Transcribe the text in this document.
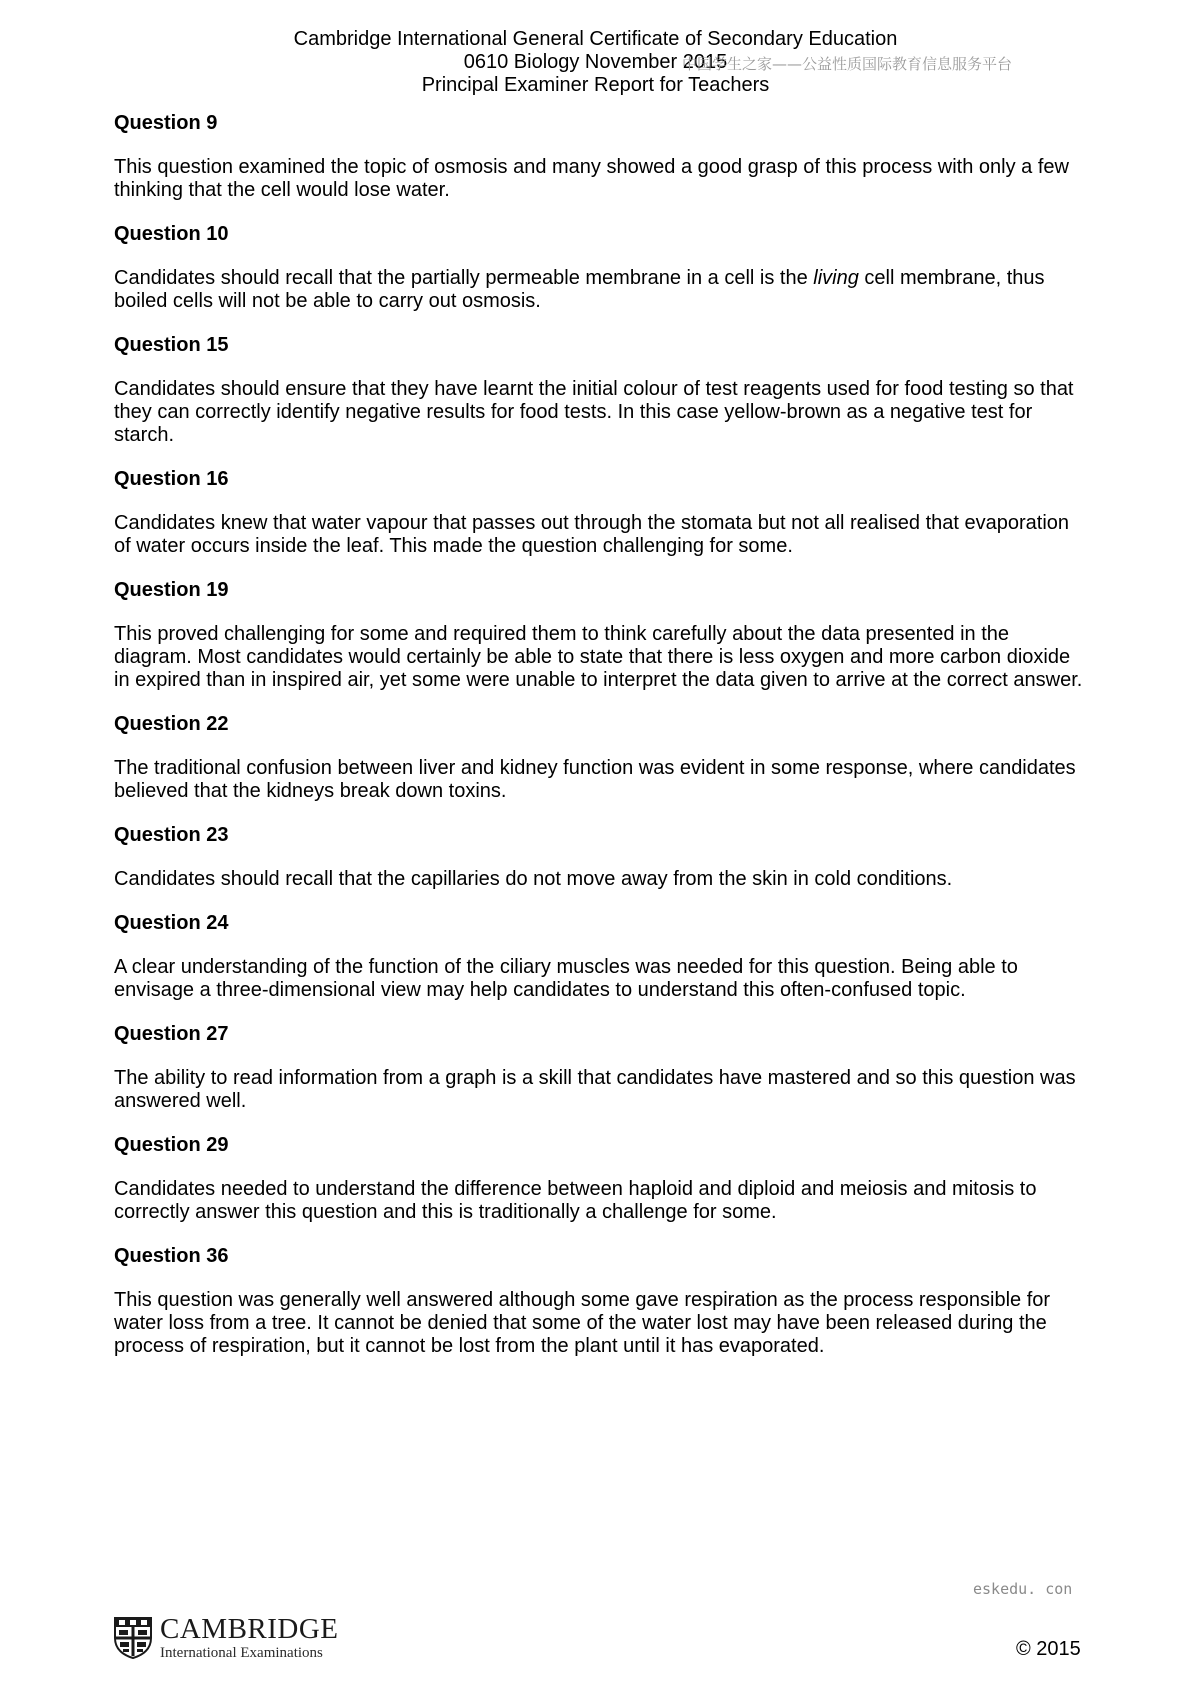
Cambridge International General Certificate of Secondary Education
0610 Biology November 2015
Principal Examiner Report for Teachers
中国学生之家——公益性质国际教育信息服务平台

Question 9

This question examined the topic of osmosis and many showed a good grasp of this process with only a few thinking that the cell would lose water.

Question 10

Candidates should recall that the partially permeable membrane in a cell is the living cell membrane, thus boiled cells will not be able to carry out osmosis.

Question 15

Candidates should ensure that they have learnt the initial colour of test reagents used for food testing so that they can correctly identify negative results for food tests. In this case yellow-brown as a negative test for starch.

Question 16

Candidates knew that water vapour that passes out through the stomata but not all realised that evaporation of water occurs inside the leaf. This made the question challenging for some.

Question 19

This proved challenging for some and required them to think carefully about the data presented in the diagram. Most candidates would certainly be able to state that there is less oxygen and more carbon dioxide in expired than in inspired air, yet some were unable to interpret the data given to arrive at the correct answer.

Question 22

The traditional confusion between liver and kidney function was evident in some response, where candidates believed that the kidneys break down toxins.

Question 23

Candidates should recall that the capillaries do not move away from the skin in cold conditions.

Question 24

A clear understanding of the function of the ciliary muscles was needed for this question. Being able to envisage a three-dimensional view may help candidates to understand this often-confused topic.

Question 27

The ability to read information from a graph is a skill that candidates have mastered and so this question was answered well.

Question 29

Candidates needed to understand the difference between haploid and diploid and meiosis and mitosis to correctly answer this question and this is traditionally a challenge for some.

Question 36

This question was generally well answered although some gave respiration as the process responsible for water loss from a tree. It cannot be denied that some of the water lost may have been released during the process of respiration, but it cannot be lost from the plant until it has evaporated.

eskedu. con
CAMBRIDGE
International Examinations	© 2015
